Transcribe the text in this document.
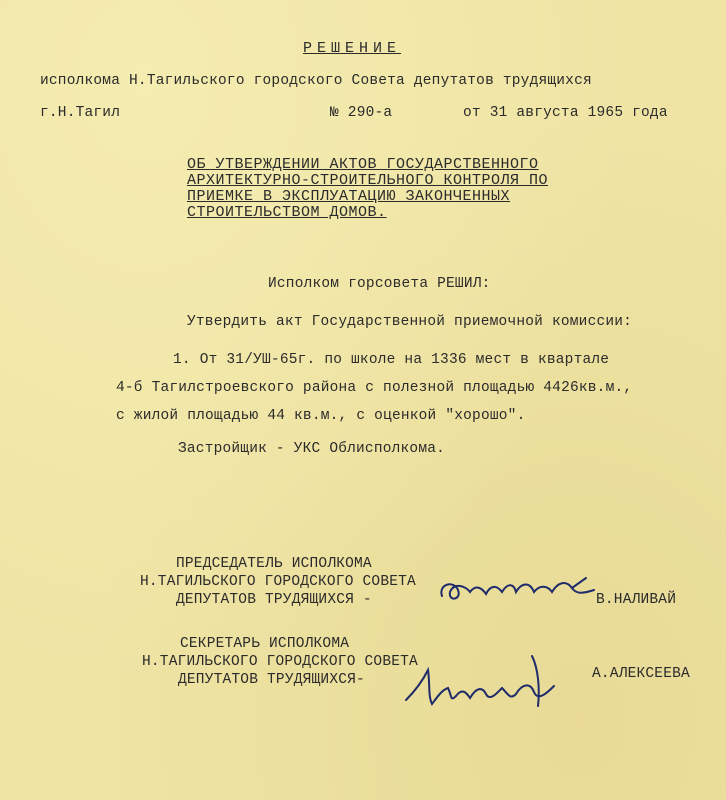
РЕШЕНИЕ
исполкома Н.Тагильского городского Совета депутатов трудящихся
г.Н.Тагил	№ 290-а	от 31 августа 1965 года
ОБ УТВЕРЖДЕНИИ АКТОВ ГОСУДАРСТВЕННОГО
АРХИТЕКТУРНО-СТРОИТЕЛЬНОГО КОНТРОЛЯ ПО
ПРИЕМКЕ В ЭКСПЛУАТАЦИЮ ЗАКОНЧЕННЫХ
СТРОИТЕЛЬСТВОМ ДОМОВ.
Исполком горсовета РЕШИЛ:
Утвердить акт Государственной приемочной комиссии:
1. От 31/УШ-65г. по школе на 1336 мест в квартале
4-б Тагилстроевского района с полезной площадью 4426кв.м.,
с жилой площадью 44 кв.м., с оценкой "хорошо".
Застройщик - УКС Облисполкома.
ПРЕДСЕДАТЕЛЬ ИСПОЛКОМА
Н.ТАГИЛЬСКОГО ГОРОДСКОГО СОВЕТА
ДЕПУТАТОВ ТРУДЯЩИХСЯ -	В.НАЛИВАЙ
СЕКРЕТАРЬ ИСПОЛКОМА
Н.ТАГИЛЬСКОГО ГОРОДСКОГО СОВЕТА
ДЕПУТАТОВ ТРУДЯЩИХСЯ-	А.АЛЕКСЕЕВА
